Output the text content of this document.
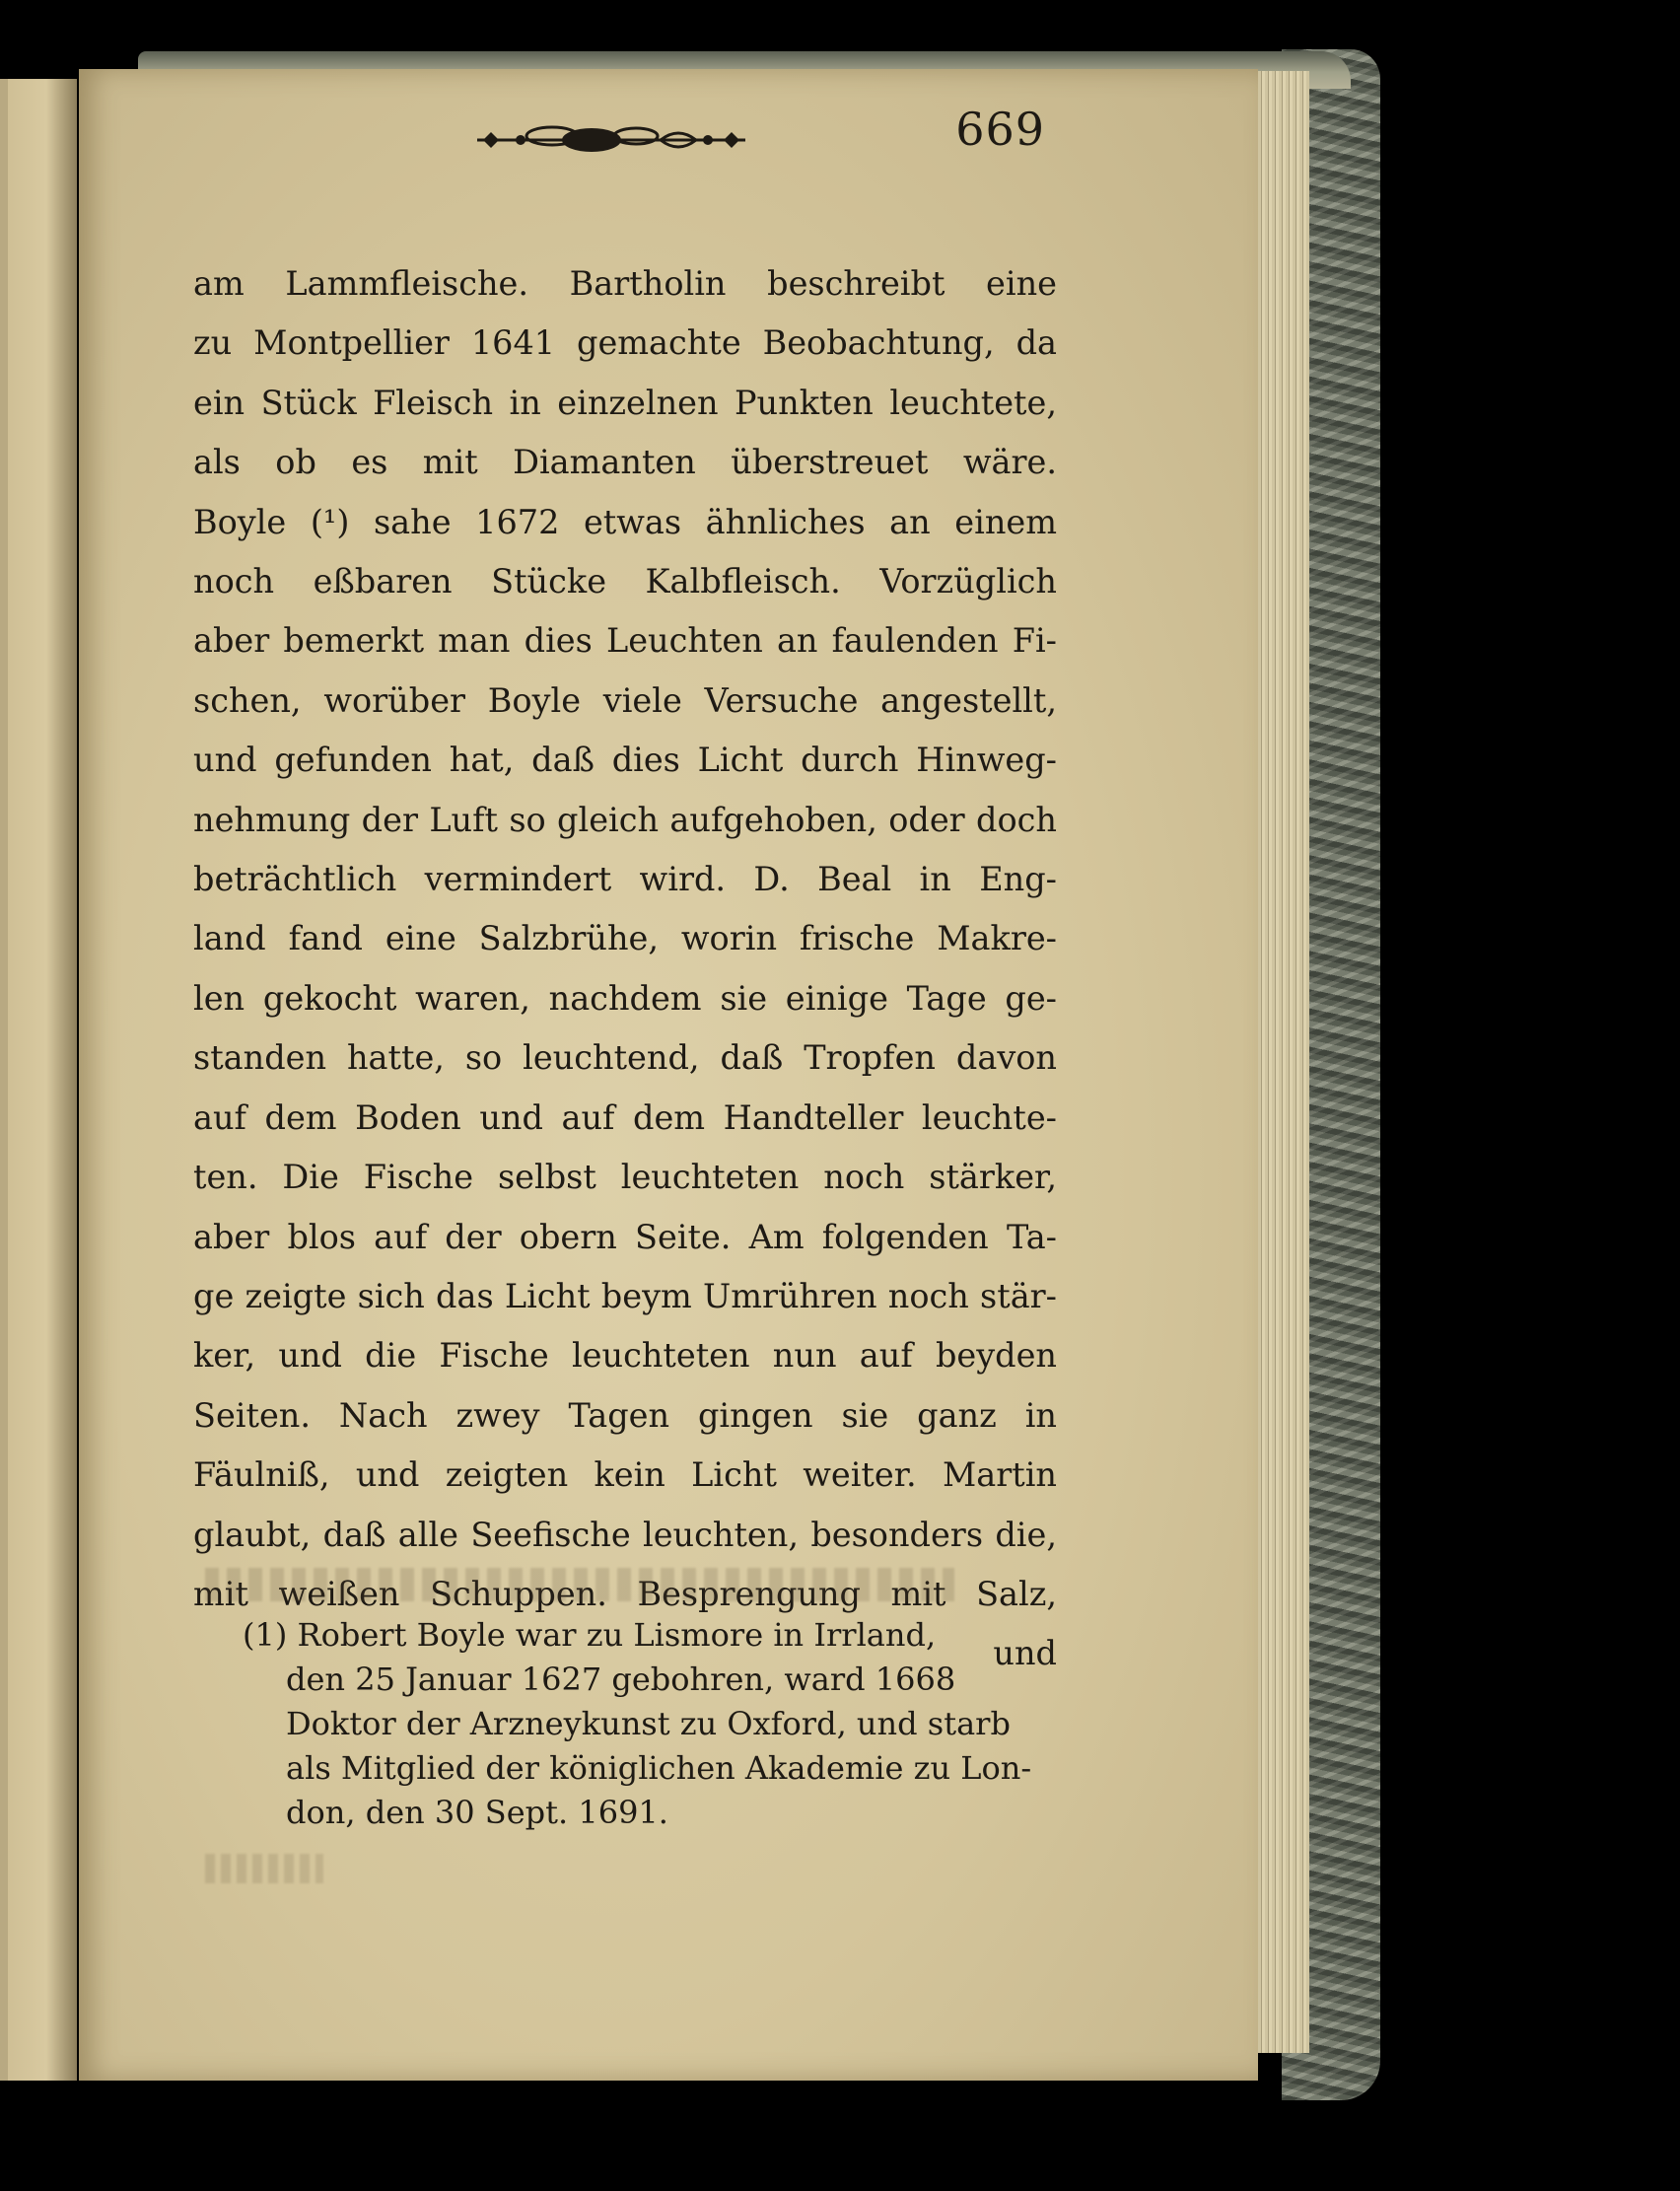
669
am Lammfleische. Bartholin beschreibt eine
zu Montpellier 1641 gemachte Beobachtung, da
ein Stück Fleisch in einzelnen Punkten leuchtete,
als ob es mit Diamanten überstreuet wäre.
Boyle (¹) sahe 1672 etwas ähnliches an einem
noch eßbaren Stücke Kalbfleisch. Vorzüglich
aber bemerkt man dies Leuchten an faulenden Fi-
schen, worüber Boyle viele Versuche angestellt,
und gefunden hat, daß dies Licht durch Hinweg-
nehmung der Luft so gleich aufgehoben, oder doch
beträchtlich vermindert wird. D. Beal in Eng-
land fand eine Salzbrühe, worin frische Makre-
len gekocht waren, nachdem sie einige Tage ge-
standen hatte, so leuchtend, daß Tropfen davon
auf dem Boden und auf dem Handteller leuchte-
ten. Die Fische selbst leuchteten noch stärker,
aber blos auf der obern Seite. Am folgenden Ta-
ge zeigte sich das Licht beym Umrühren noch stär-
ker, und die Fische leuchteten nun auf beyden
Seiten. Nach zwey Tagen gingen sie ganz in
Fäulniß, und zeigten kein Licht weiter. Martin
glaubt, daß alle Seefische leuchten, besonders die,
mit weißen Schuppen. Besprengung mit Salz,
und
(1) Robert Boyle war zu Lismore in Irrland,
den 25 Januar 1627 gebohren, ward 1668
Doktor der Arzneykunst zu Oxford, und starb
als Mitglied der königlichen Akademie zu Lon-
don, den 30 Sept. 1691.
